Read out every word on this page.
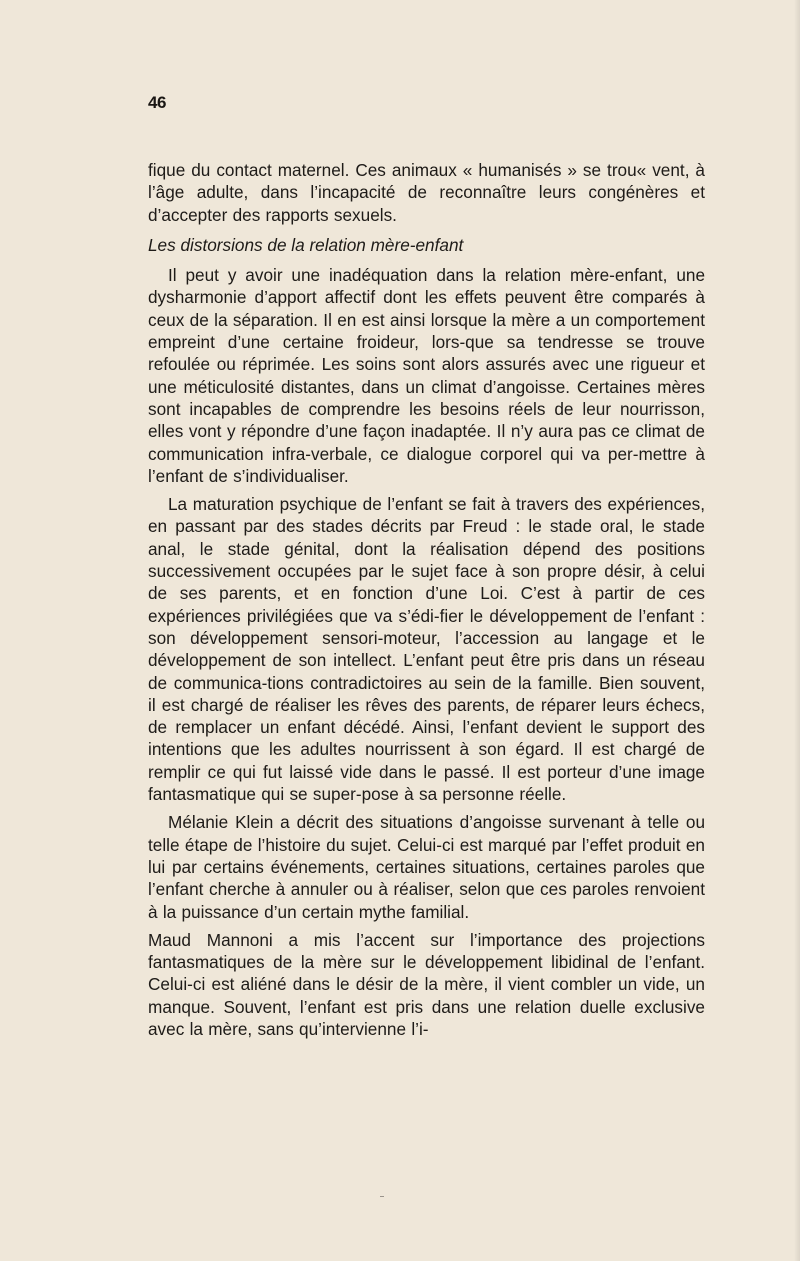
46

fique du contact maternel. Ces animaux « humanisés » se trou« vent, à l’âge adulte, dans l’incapacité de reconnaître leurs congénères et d’accepter des rapports sexuels.

Les distorsions de la relation mère-enfant

Il peut y avoir une inadéquation dans la relation mère-enfant, une dysharmonie d’apport affectif dont les effets peuvent être comparés à ceux de la séparation. Il en est ainsi lorsque la mère a un comportement empreint d’une certaine froideur, lors-que sa tendresse se trouve refoulée ou réprimée. Les soins sont alors assurés avec une rigueur et une méticulosité distantes, dans un climat d’angoisse. Certaines mères sont incapables de comprendre les besoins réels de leur nourrisson, elles vont y répondre d’une façon inadaptée. Il n’y aura pas ce climat de communication infra-verbale, ce dialogue corporel qui va per-mettre à l’enfant de s’individualiser.

La maturation psychique de l’enfant se fait à travers des expériences, en passant par des stades décrits par Freud : le stade oral, le stade anal, le stade génital, dont la réalisation dépend des positions successivement occupées par le sujet face à son propre désir, à celui de ses parents, et en fonction d’une Loi. C’est à partir de ces expériences privilégiées que va s’édi-fier le développement de l’enfant : son développement sensori-moteur, l’accession au langage et le développement de son intellect. L’enfant peut être pris dans un réseau de communica-tions contradictoires au sein de la famille. Bien souvent, il est chargé de réaliser les rêves des parents, de réparer leurs échecs, de remplacer un enfant décédé. Ainsi, l’enfant devient le support des intentions que les adultes nourrissent à son égard. Il est chargé de remplir ce qui fut laissé vide dans le passé. Il est porteur d’une image fantasmatique qui se super-pose à sa personne réelle.

Mélanie Klein a décrit des situations d’angoisse survenant à telle ou telle étape de l’histoire du sujet. Celui-ci est marqué par l’effet produit en lui par certains événements, certaines situations, certaines paroles que l’enfant cherche à annuler ou à réaliser, selon que ces paroles renvoient à la puissance d’un certain mythe familial.

Maud Mannoni a mis l’accent sur l’importance des projections fantasmatiques de la mère sur le développement libidinal de l’enfant. Celui-ci est aliéné dans le désir de la mère, il vient combler un vide, un manque. Souvent, l’enfant est pris dans une relation duelle exclusive avec la mère, sans qu’intervienne l’i-
